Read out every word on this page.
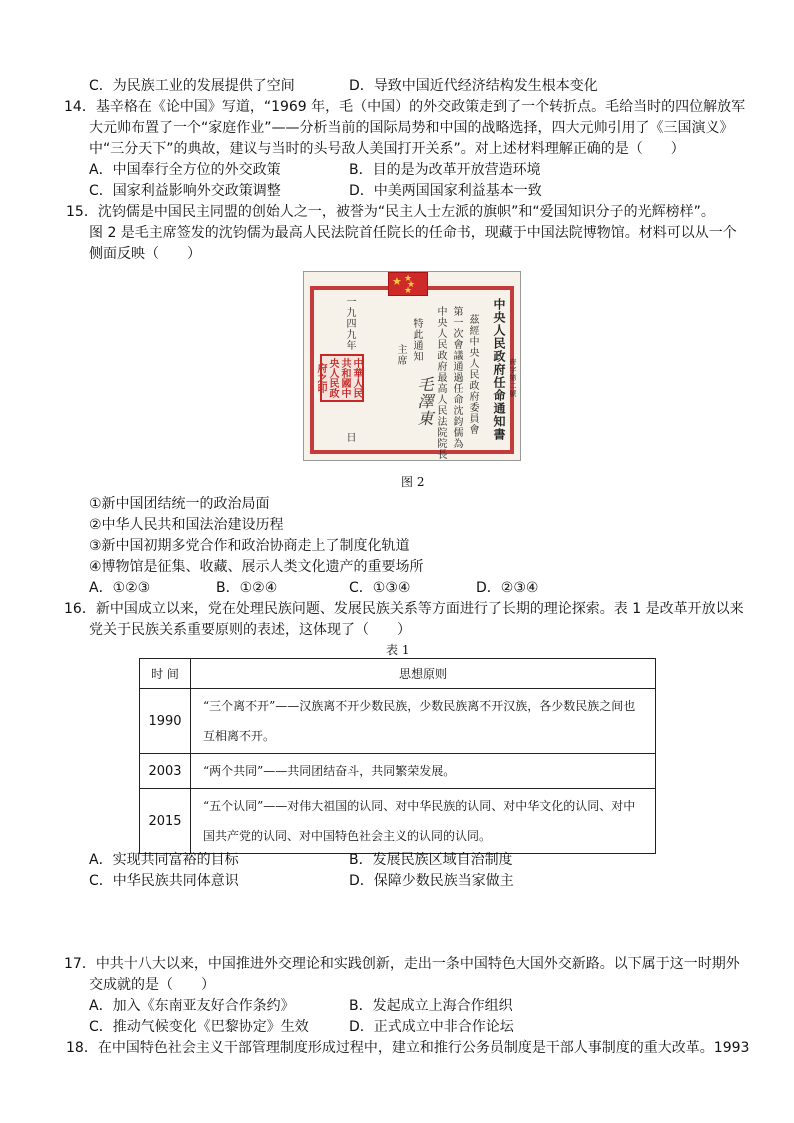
C．为民族工业的发展提供了空间	D．导致中国近代经济结构发生根本变化
14．基辛格在《论中国》写道，“1969 年，毛（中国）的外交政策走到了一个转折点。毛给当时的四位解放军
大元帅布置了一个“家庭作业”——分析当前的国际局势和中国的战略选择，四大元帅引用了《三国演义》
中“三分天下”的典故，建议与当时的头号敌人美国打开关系”。对上述材料理解正确的是（　　）
A．中国奉行全方位的外交政策	B．目的是为改革开放营造环境
C．国家利益影响外交政策调整	D．中美两国国家利益基本一致
15．沈钧儒是中国民主同盟的创始人之一，被誉为“民主人士左派的旗帜”和“爱国知识分子的光辉榜样”。
图 2 是毛主席签发的沈钧儒为最高人民法院首任院长的任命书，现藏于中国法院博物馆。材料可以从一个
侧面反映（　　）
★ ★
★
★
中央人民政府任命通知書 府字第二號
茲經中央人民政府委員會
第一次會議通過任命沈鈞儒為
中央人民政府最高人民法院院長
特此通知
主席
毛澤東
一九四九年
日
中華人民共和國中央人民政府之印
图 2
①新中国团结统一的政治局面
②中华人民共和国法治建设历程
③新中国初期多党合作和政治协商走上了制度化轨道
④博物馆是征集、收藏、展示人类文化遗产的重要场所
A．①②③	B．①②④	C．①③④	D．②③④
16．新中国成立以来，党在处理民族问题、发展民族关系等方面进行了长期的理论探索。表 1 是改革开放以来
党关于民族关系重要原则的表述，这体现了（　　）
表 1
时 间	思想原则
1990	“三个离不开”——汉族离不开少数民族，少数民族离不开汉族，各少数民族之间也互相离不开。
2003	“两个共同”——共同团结奋斗，共同繁荣发展。
2015	“五个认同”——对伟大祖国的认同、对中华民族的认同、对中华文化的认同、对中国共产党的认同、对中国特色社会主义的认同的认同。
A．实现共同富裕的目标	B．发展民族区域自治制度
C．中华民族共同体意识	D．保障少数民族当家做主
17．中共十八大以来，中国推进外交理论和实践创新，走出一条中国特色大国外交新路。以下属于这一时期外
交成就的是（　　）
A．加入《东南亚友好合作条约》	B．发起成立上海合作组织
C．推动气候变化《巴黎协定》生效	D．正式成立中非合作论坛
18．在中国特色社会主义干部管理制度形成过程中，建立和推行公务员制度是干部人事制度的重大改革。1993
